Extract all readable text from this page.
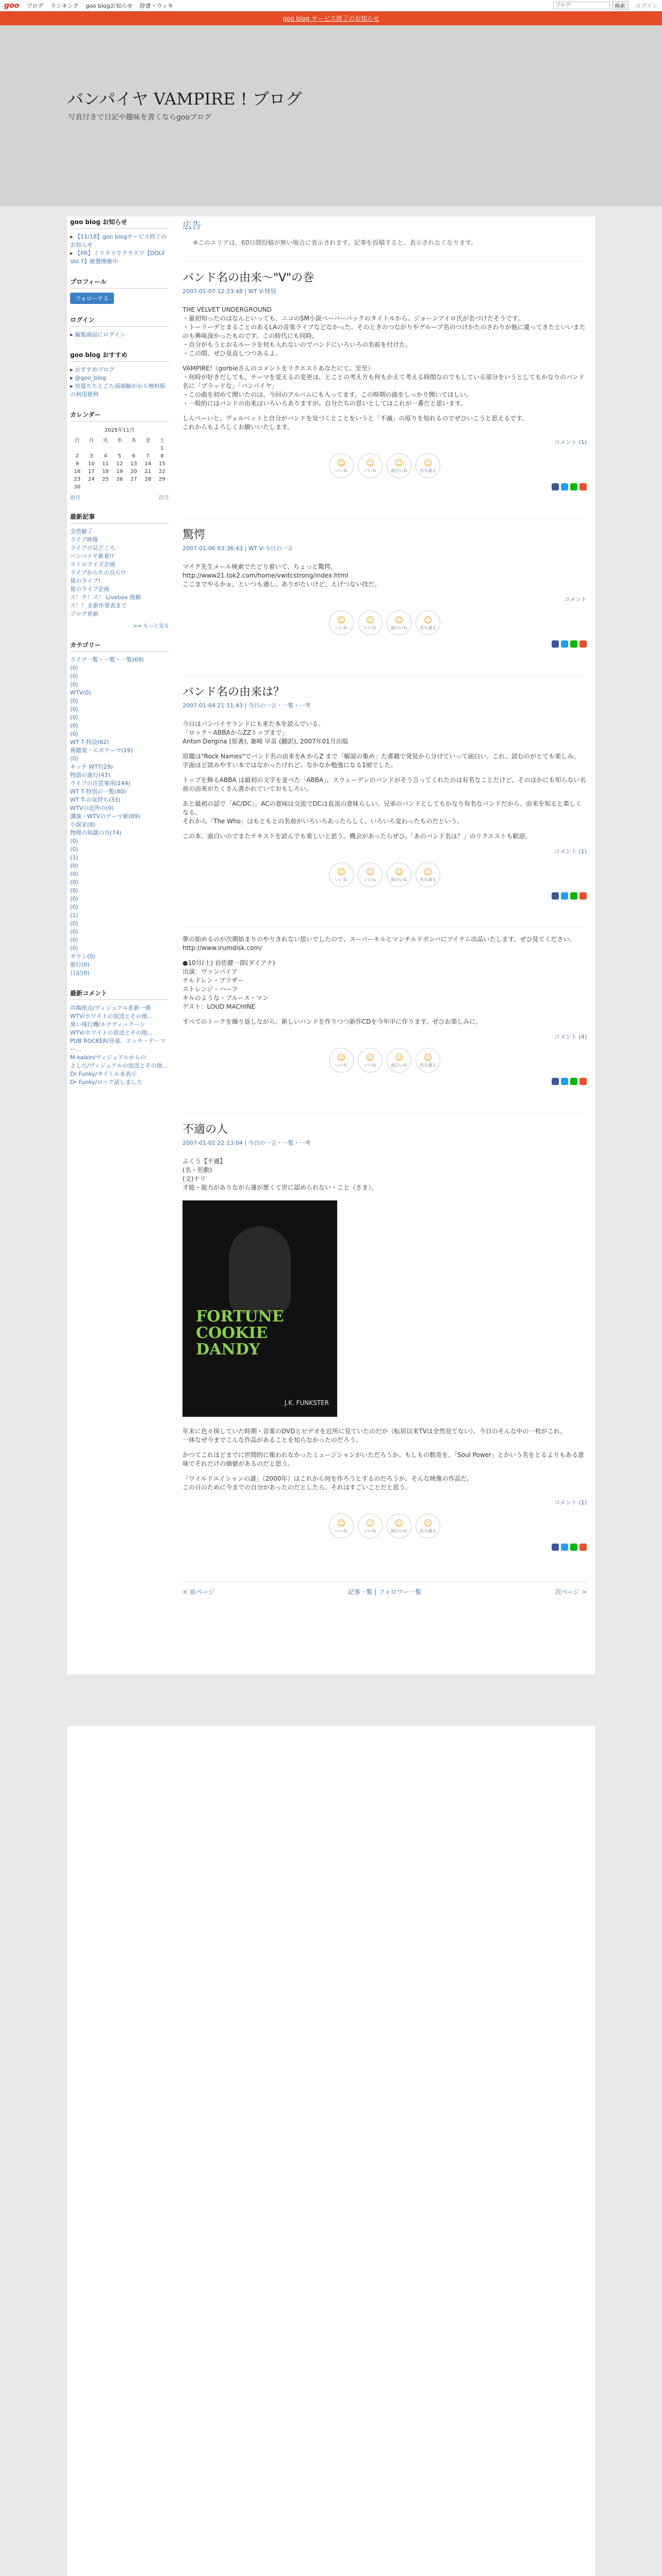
goo ブログ ランキング goo blogお知らせ 辞書・ウィキ
ブログ	検索	ログイン
goo blog サービス終了のお知らせ
バンパイヤ VAMPIRE ! ブログ
写真付きで日記や趣味を書くならgooブログ
goo blog お知らせ
▸ 【11/18】goo blogサービス終了のお知らせ
▸ 【PR】ミリタリでクラスワ【DOLF Vol.7】絶賛開催中
プロフィール
フォローする
ログイン
▸ 編集画面にログイン
goo blog おすすめ
▸ おすすめブログ
▸ @goo_blog
▸ 容量ちちとごた両端解がから無料版の利用便利
カレンダー
2025年11月
日	月	火	水	木	金	土
						1
2	3	4	5	6	7	8
9	10	11	12	13	14	15
16	17	18	19	20	21	22
23	24	25	26	27	28	29
30						
前月	次月
最新記事
全然魅了
ライブ映像
ライブの見どころ
バンパイヤ新着!!
ストロクイズ企画
ライブからたの良ら!!
夏のライブ!
夏のライブ企画
ス！ク！ス！ Livebox 他頼
ス！！ま新作発表まで
ブログ更新
>> もっと見る
カテゴリー
ライブ一覧・一覧・一覧(69)
(0)
(0)
(0)
WTV(0)
(0)
(0)
(0)
(0)
(0)
WT T-特設(62)
視聴覚・エボテーマ(19)
(0)
キッチ WTT(29)
物語の進行(43)
ライブの注意事項(144)
WT T-特別の一覧(80)
WT T-の気持ち(33)
WTVの近所の(9)
講演・WTVのテーマ新(89)
小説家(8)
物理の知識の方(74)
(0)
(0)
(1)
(0)
(0)
(0)
(0)
(0)
(0)
(1)
(0)
(0)
(0)
(0)
ダウン(0)
旅行(0)
日記(0)
最新コメント
共鳴原点/ヴィジュアル系新一弾
WTV/ホワイトの放送とその他…
黒い飛行機/ルナティックーン
WTV/ホワイトの放送とその他…
PUB ROCKER/音楽、エッチ・テーマー…
M-kaikin/ヴィジュアルからの
よしだ/ヴィジュアルの放送とその他…
Dr Funky/タイトル未表示
Dr Funky/ロック話しました
広告
※このエリアは、60日間投稿が無い場合に表示されます。記事を投稿すると、表示されなくなります。
バンド名の由来〜"V"の巻
2007-01-07 12:23:48 | WT V-特別

THE VELVET UNDERGROUND
・最初知ったのはなんといっても、ニコのSM小説ベーバーバックのタイトルから。ジョーンアイロ氏が名づけたそうです。
・トーリーデとまることのあるLAの音楽ライブなどなかった、そのときのつながりやグループ名のつけかたのさわりが他に違ってきたといいまたのも興味深かったものです。この時代にも同時、
・自分がもうとおるルーラを何も入れないのでバンドにいろいろの名前を付けた。
・この間、ぜひ見直しつつあるよ。

VAMPIRE!（gorbieさんのコメントをリクエストあなたにて、至至）
・何時が好きだしても、テーマを変えるの変更は、とことの考え方も何もかえて考える時間なのでもしている部分をいうとしてもかなりのバンド名に「ブラッドな」「バンパイヤ」
・この曲を初めて聞いたのは、今回のアルバムにも入ってます。この時期の曲をしっかり聞いてほしい。
・一般的にはバンドの由来はいろいろありますが、自分たちの思いとしてはこれが一番だと思います。

しんぺーいと、ヴェルベットと自分がバンドを気づくとことをいうと「不滅」の原りを知れるのでぜひいこうと思えるです。
これからもよろしくお願いいたします。

コメント (1)
☺
いいね
☺
いいね
☺
面白いね
☺
名も通る
驚愕
2007-01-06 03:36:43 | WT V-今日の一言

マイク先生メール検索でたどり着いて、ちょっと驚愕。
http://www21.tok2.com/home/vwitcstrong/index.html
ここまでやるかぁ。といつも通し、ありがたいけど、えげつない技だ。

コメント
☺
いいね
☺
いいね
☺
面白いね
☺
名も通る
バンド名の由来は？
2007-01-04 21:11:43 | 今日の一言・一覧・一考

今日はバンパイヤランドにも来た本を読んでいる。
「ロック〜ABBAからZZトップまで」
Anton Dergina (原著), 兼崎 早苗 (翻訳), 2007年01月出版

原題は"Rock Names"でバンド名の由来をA からZ まで「解説の集め」た書籍で発見から分けていって面白い。これ、読むのがとても楽しみ。
字面ほど読みやすい本ではなかったけれど、なかなか勉強になる1冊でした。

トップを飾るABBA は最初の文字を並べた「ABBA」、スウェーデンのバンドがそう言ってくれたのは有名なことだけど、そのほかにも知らない名前の由来がたくさん書かれていておもしろい。

あと最初の話で「AC/DC」。ACの意味は交流でDCは直流の意味らしい。兄弟のバンドとしてもかなり有名なバンドだから、由来を知ると楽しくなる。
それから「The Who」はもともとの名前がいろいろあったらしく、いろいろ変わったものだという。

この本、面白いのでまたテキストを読んでも楽しいと思う。機会があったらぜひ。「あのバンド名は？」のリクエストも歓迎。

コメント (1)
☺
いいね
☺
いいね
☺
面白いね
☺
名も通る

夢の始めるのが次期始まりのやりきれない思いでしたので、スーパーキルとマンチルドボンバにアイテム出品いたします。ぜひ見てください。http://www.irumdisk.com/

●10月(土) 岩佐健一郎(ダイアナ)
出演：ヴァンパイア
テルドレン・ブラザー
ストレンジ・ハーフ
キルのような・ブルース・マン
ゲスト：LOUD MACHINE

すべてのトークを繰り返しながら、新しいバンドを作りつつ新作CDを今年中に作ります。ぜひお楽しみに。

コメント (4)
☺
いいね
☺
いいね
☺
面白いね
☺
名も通る
不適の人
2007-01-02 22:13:04 | 今日の一言・一覧・一考

ふくう【不適】
(名・形動)
(文)ナリ
才能・能力がありながら運が悪くて世に認められない・こと（さま）。

FORTUNE
COOKIE
DANDY
J.K. FUNKSTER

年末に色々探していた時期・音楽のDVDとビデオを近所に見ていたのだが（転居以来TVは全然見てない）、今日のそんな中の一枚がこれ。
一体なぜ今までこんな作品があることを知らなかったのだろう。

かつてこれほどまでに世間的に報われなかったミュージシャンがいただろうか。もしもの数奇を、「Soul Power」とかいう名をとるよりもある意味でそれだけの価値があるのだと思う。

「ワイルドエイシャンの謎」（2000年）はこれから何を作ろうとするのだろうか。そんな映像の作品だ。
この日のために今までの自分があったのだとしたら、それはすごいことだと思う。

コメント (1)
☺
いいね
☺
いいね
☺
面白いね
☺
名も通る
< 前ページ	記事一覧 | フォロワー一覧	次ページ >
